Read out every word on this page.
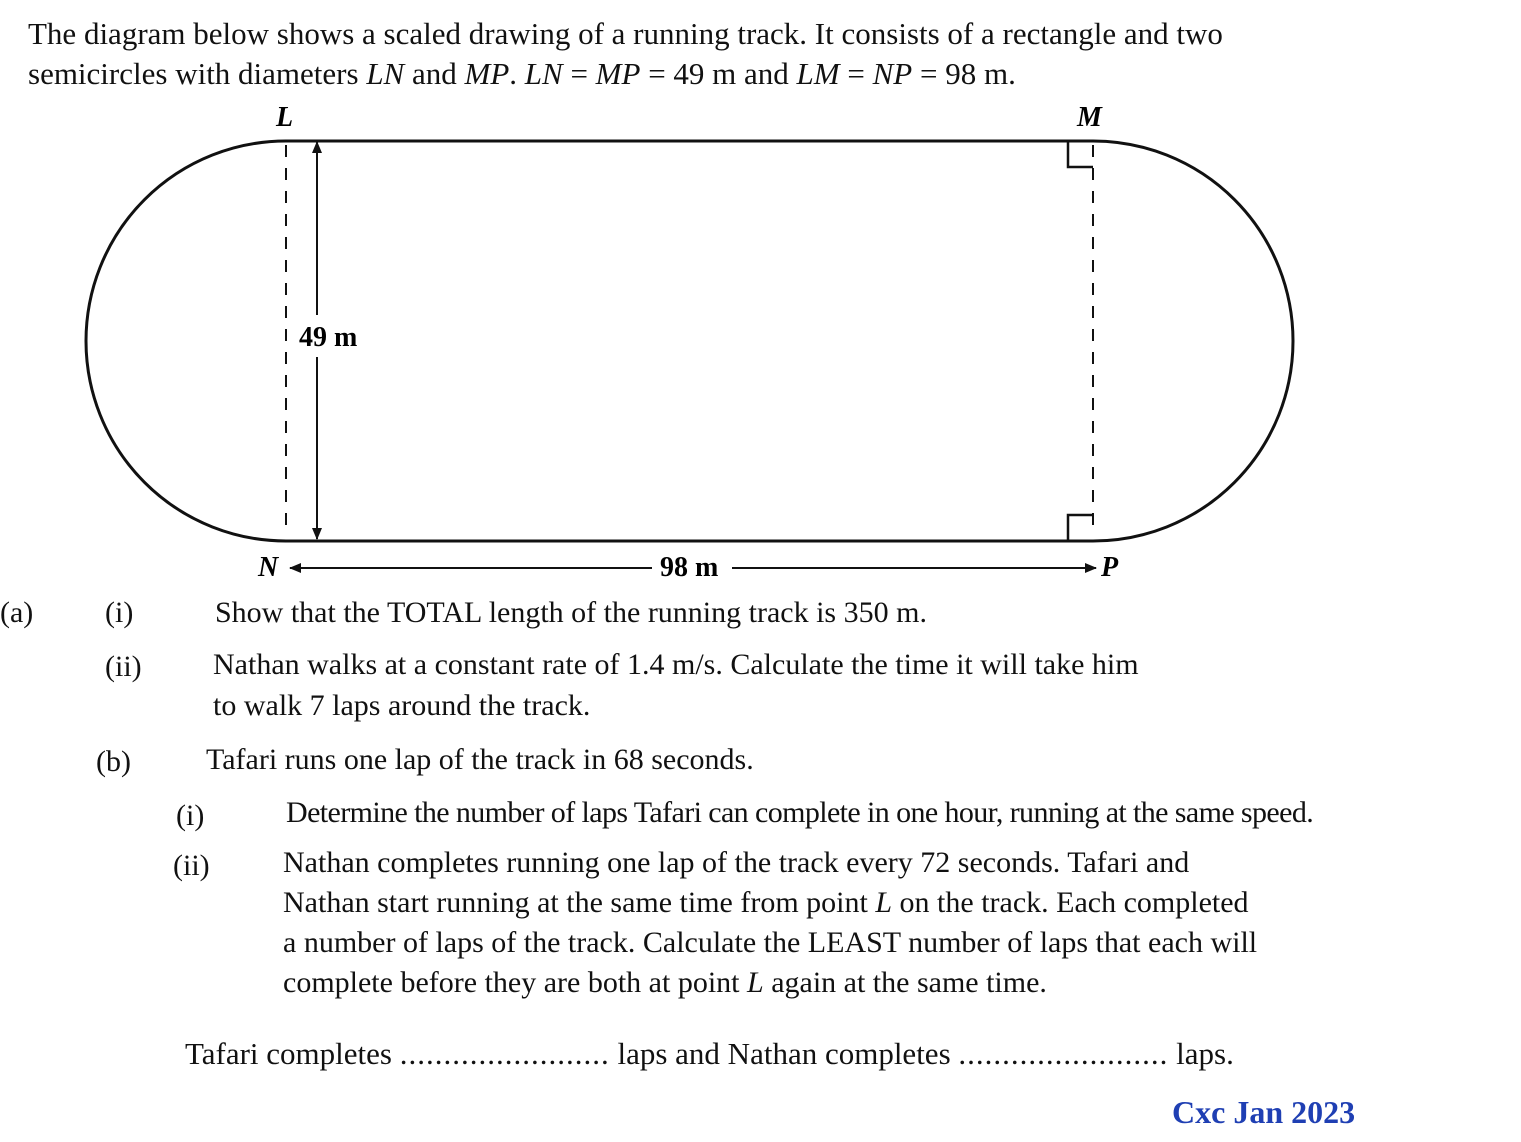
The diagram below shows a scaled drawing of a running track. It consists of a rectangle and two
semicircles with diameters LN and MP. LN = MP = 49 m and LM = NP = 98 m.
49 m
98 m
L	M
N	P
(a) (i)	Show that the TOTAL length of the running track is 350 m.
(ii) Nathan walks at a constant rate of 1.4 m/s. Calculate the time it will take him
to walk 7 laps around the track.
(b)	Tafari runs one lap of the track in 68 seconds.
(i)	Determine the number of laps Tafari can complete in one hour, running at the same speed.
(ii) Nathan completes running one lap of the track every 72 seconds. Tafari and
Nathan start running at the same time from point L on the track. Each completed
a number of laps of the track. Calculate the LEAST number of laps that each will
complete before they are both at point L again at the same time.
Tafari completes ........................ laps and Nathan completes ........................ laps.
Cxc Jan 2023
